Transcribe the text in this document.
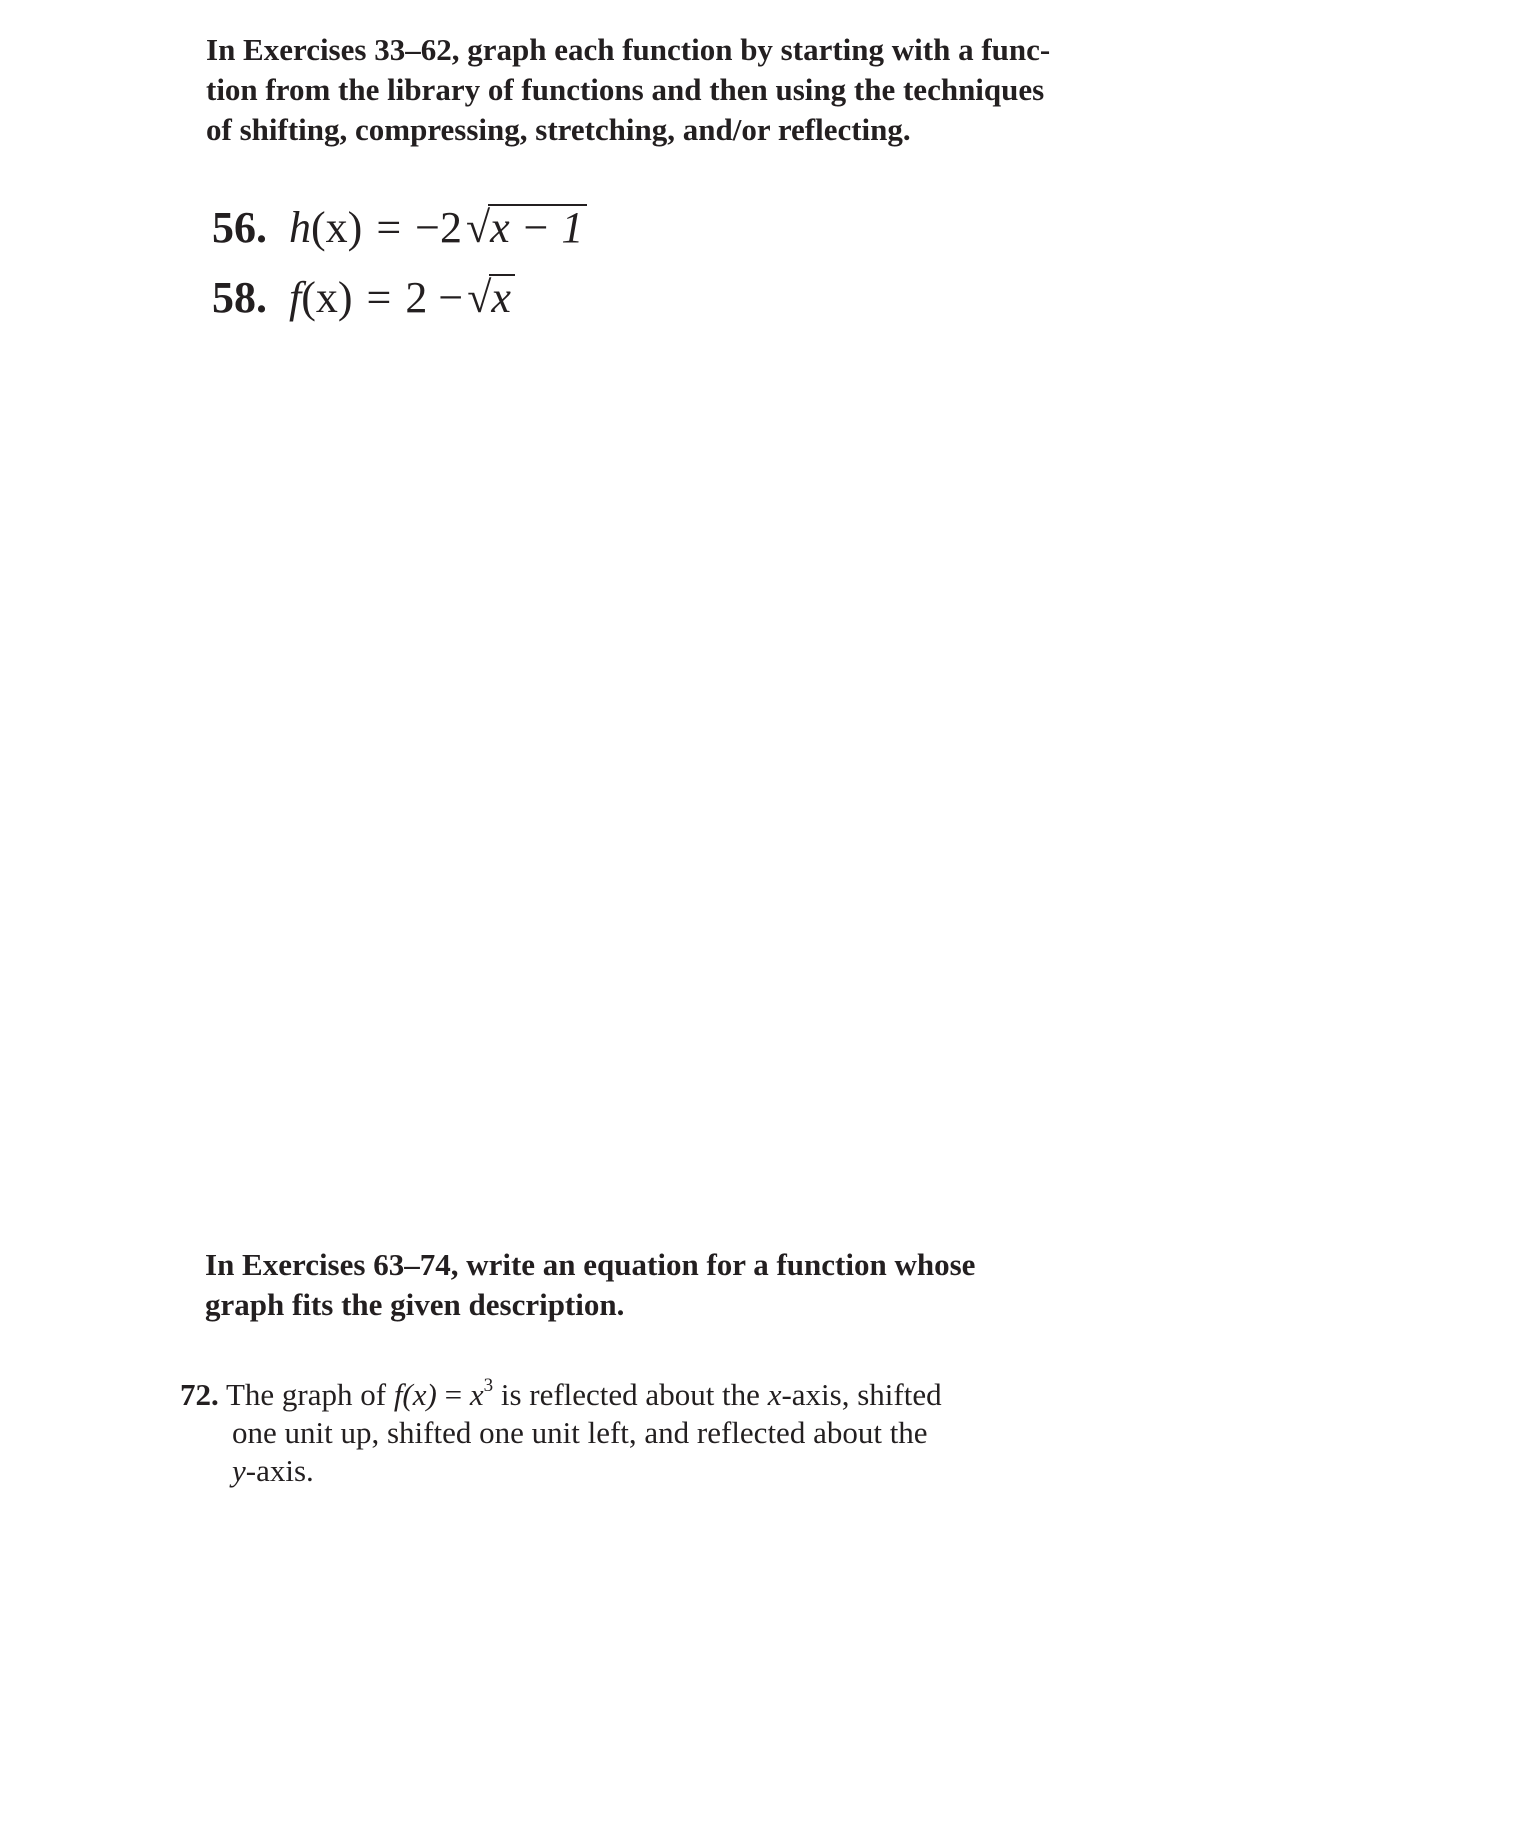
In Exercises 33–62, graph each function by starting with a func-
tion from the library of functions and then using the techniques
of shifting, compressing, stretching, and/or reflecting.

56. h(x) = −2√x − 1
58. f(x) = 2 −√x

In Exercises 63–74, write an equation for a function whose
graph fits the given description.

72. The graph of $f(x) = x^3$ is reflected about the x-axis, shifted
one unit up, shifted one unit left, and reflected about the
y-axis.
